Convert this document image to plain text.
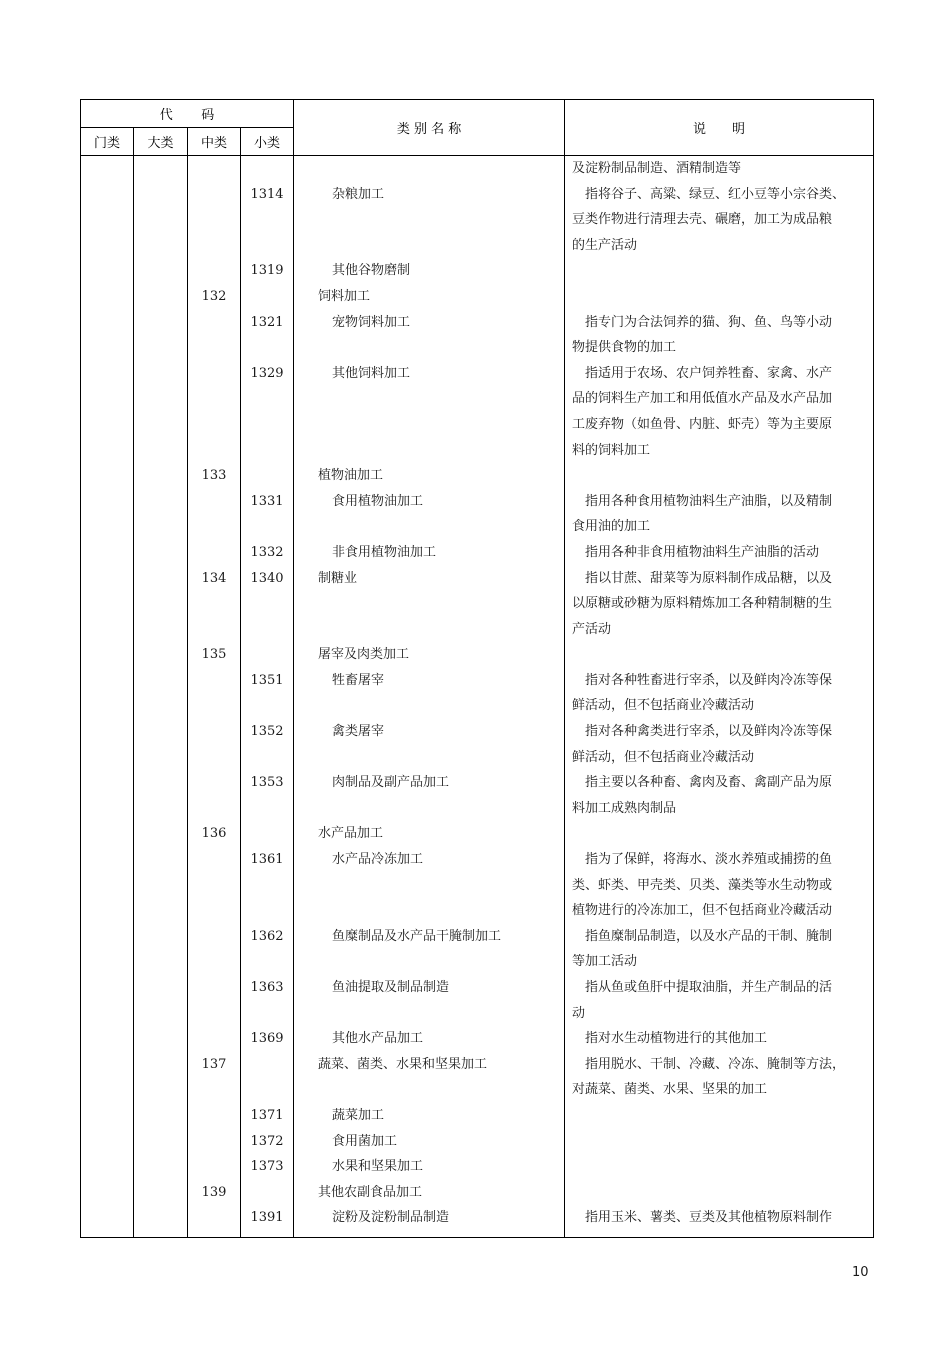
代　码				类 别 名 称	说　　明
门类	大类	中类	小类		

					及淀粉制品制造、酒精制造等

			1314	杂粮加工	指将谷子、高粱、绿豆、红小豆等小宗谷类、
豆类作物进行清理去壳、碾磨，加工为成品粮
的生产活动

			1319	其他谷物磨制	

		132		饲料加工	

			1321	宠物饲料加工	指专门为合法饲养的猫、狗、鱼、鸟等小动
物提供食物的加工

			1329	其他饲料加工	指适用于农场、农户饲养牲畜、家禽、水产
品的饲料生产加工和用低值水产品及水产品加
工废弃物（如鱼骨、内脏、虾壳）等为主要原
料的饲料加工

		133		植物油加工	

			1331	食用植物油加工	指用各种食用植物油料生产油脂，以及精制
食用油的加工

			1332	非食用植物油加工	指用各种非食用植物油料生产油脂的活动

		134	1340	制糖业	指以甘蔗、甜菜等为原料制作成品糖，以及
以原糖或砂糖为原料精炼加工各种精制糖的生
产活动

		135		屠宰及肉类加工	

			1351	牲畜屠宰	指对各种牲畜进行宰杀，以及鲜肉冷冻等保
鲜活动，但不包括商业冷藏活动

			1352	禽类屠宰	指对各种禽类进行宰杀，以及鲜肉冷冻等保
鲜活动，但不包括商业冷藏活动

			1353	肉制品及副产品加工	指主要以各种畜、禽肉及畜、禽副产品为原
料加工成熟肉制品

		136		水产品加工	

			1361	水产品冷冻加工	指为了保鲜，将海水、淡水养殖或捕捞的鱼
类、虾类、甲壳类、贝类、藻类等水生动物或
植物进行的冷冻加工，但不包括商业冷藏活动

			1362	鱼糜制品及水产品干腌制加工	指鱼糜制品制造，以及水产品的干制、腌制
等加工活动

			1363	鱼油提取及制品制造	指从鱼或鱼肝中提取油脂，并生产制品的活
动

			1369	其他水产品加工	指对水生动植物进行的其他加工

		137		蔬菜、菌类、水果和坚果加工	指用脱水、干制、冷藏、冷冻、腌制等方法，
对蔬菜、菌类、水果、坚果的加工

			1371	蔬菜加工	

			1372	食用菌加工	

			1373	水果和坚果加工	

		139		其他农副食品加工	

			1391	淀粉及淀粉制品制造	指用玉米、薯类、豆类及其他植物原料制作
10
